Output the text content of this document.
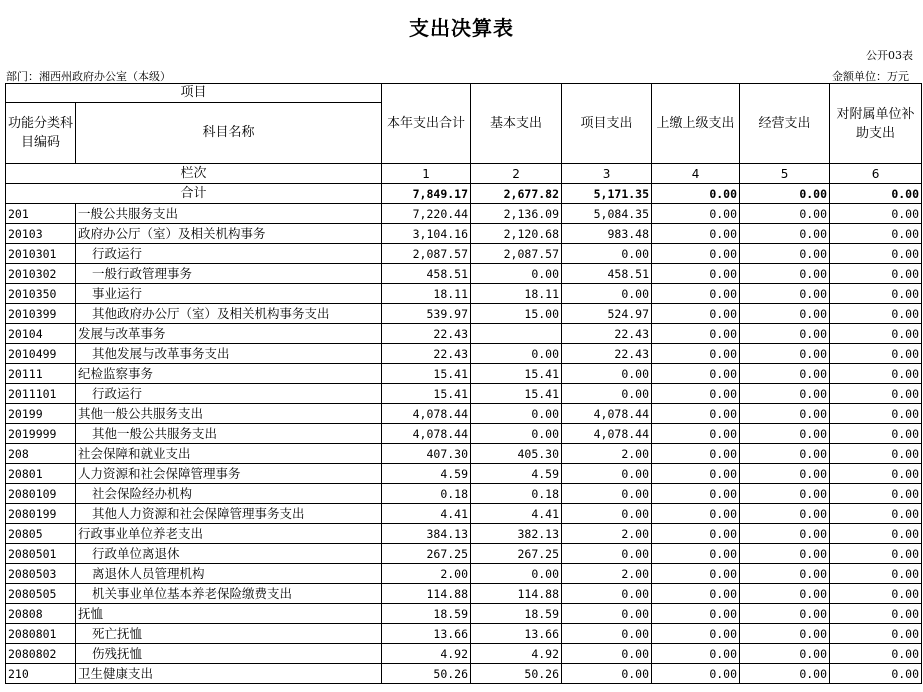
支出决算表
公开03表
部门：湘西州政府办公室（本级）	金额单位：万元
项目		本年支出合计	基本支出	项目支出	上缴上级支出	经营支出	对附属单位补助支出
功能分类科目编码	科目名称						
栏次		1	2	3	4	5	6
合计		7,849.17	2,677.82	5,171.35	0.00	0.00	0.00
201	一般公共服务支出	7,220.44	2,136.09	5,084.35	0.00	0.00	0.00
20103	政府办公厅（室）及相关机构事务	3,104.16	2,120.68	983.48	0.00	0.00	0.00
2010301	行政运行	2,087.57	2,087.57	0.00	0.00	0.00	0.00
2010302	一般行政管理事务	458.51	0.00	458.51	0.00	0.00	0.00
2010350	事业运行	18.11	18.11	0.00	0.00	0.00	0.00
2010399	其他政府办公厅（室）及相关机构事务支出	539.97	15.00	524.97	0.00	0.00	0.00
20104	发展与改革事务	22.43		22.43	0.00	0.00	0.00
2010499	其他发展与改革事务支出	22.43	0.00	22.43	0.00	0.00	0.00
20111	纪检监察事务	15.41	15.41	0.00	0.00	0.00	0.00
2011101	行政运行	15.41	15.41	0.00	0.00	0.00	0.00
20199	其他一般公共服务支出	4,078.44	0.00	4,078.44	0.00	0.00	0.00
2019999	其他一般公共服务支出	4,078.44	0.00	4,078.44	0.00	0.00	0.00
208	社会保障和就业支出	407.30	405.30	2.00	0.00	0.00	0.00
20801	人力资源和社会保障管理事务	4.59	4.59	0.00	0.00	0.00	0.00
2080109	社会保险经办机构	0.18	0.18	0.00	0.00	0.00	0.00
2080199	其他人力资源和社会保障管理事务支出	4.41	4.41	0.00	0.00	0.00	0.00
20805	行政事业单位养老支出	384.13	382.13	2.00	0.00	0.00	0.00
2080501	行政单位离退休	267.25	267.25	0.00	0.00	0.00	0.00
2080503	离退休人员管理机构	2.00	0.00	2.00	0.00	0.00	0.00
2080505	机关事业单位基本养老保险缴费支出	114.88	114.88	0.00	0.00	0.00	0.00
20808	抚恤	18.59	18.59	0.00	0.00	0.00	0.00
2080801	死亡抚恤	13.66	13.66	0.00	0.00	0.00	0.00
2080802	伤残抚恤	4.92	4.92	0.00	0.00	0.00	0.00
210	卫生健康支出	50.26	50.26	0.00	0.00	0.00	0.00
